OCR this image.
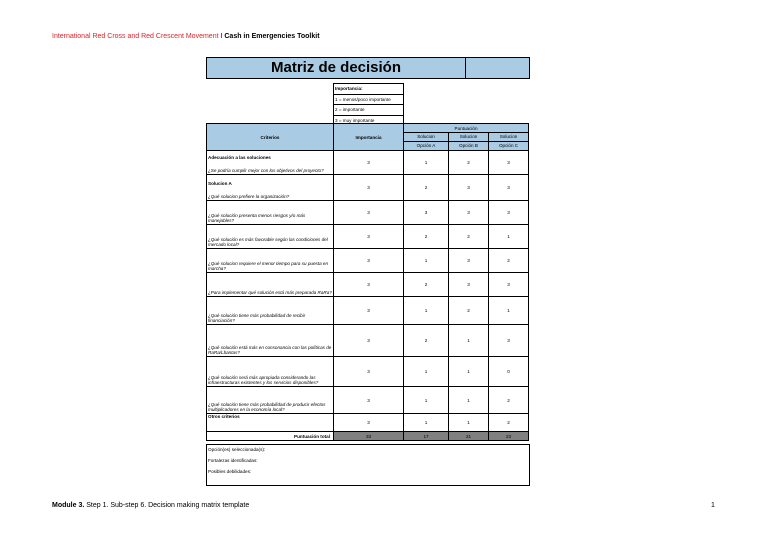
International Red Cross and Red Crescent Movement I Cash in Emergencies Toolkit
Matriz de decisión
Importancia:
1 = menos/poco importante
2 = importante
3 = muy importante
Criterios	Importancia	Puntuación		
		Solucion	Solucion	Solucion
		Opción A	Opción B	Opción C

Adecuación a las soluciones
¿Se podría cumplir mejor con los objetivos del proyecto?	3	1	2	3

Solucion A
¿Qué solucion prefiere la organización?	3	2	3	3
¿Qué solución presenta menos riesgos y/o más manejables?	3	3	3	3
¿Qué solución es más favorable según las condiciones del mercado local?	3	2	2	1
¿Qué solucion requiere el menor tiempo para su puesta en marcha?	3	1	3	2
¿Para implementar qué solución está más preparada RaRa?	3	2	3	3
¿Qué solución tiene más probabilidad de recibir financiación?	3	1	2	1
¿Qué solución está más en consonancia con las políticas de RaRa/Lbantas?	3	2	1	3
¿Qué solución será más apropiada considerando las infraestructuras existentes y los servicios disponibles?	3	1	1	0
¿Qué solución tiene más probabilidad de producir efectos multiplicadores en la economía local?	3	1	1	2
Otros criterios	3	1	1	2
Puntuación total	33	17	21	23
Opción(es) seleccionada(s):
Fortalezas identificadas:
Posibles debilidades:
Module 3. Step 1. Sub-step 6. Decision making matrix template	1
